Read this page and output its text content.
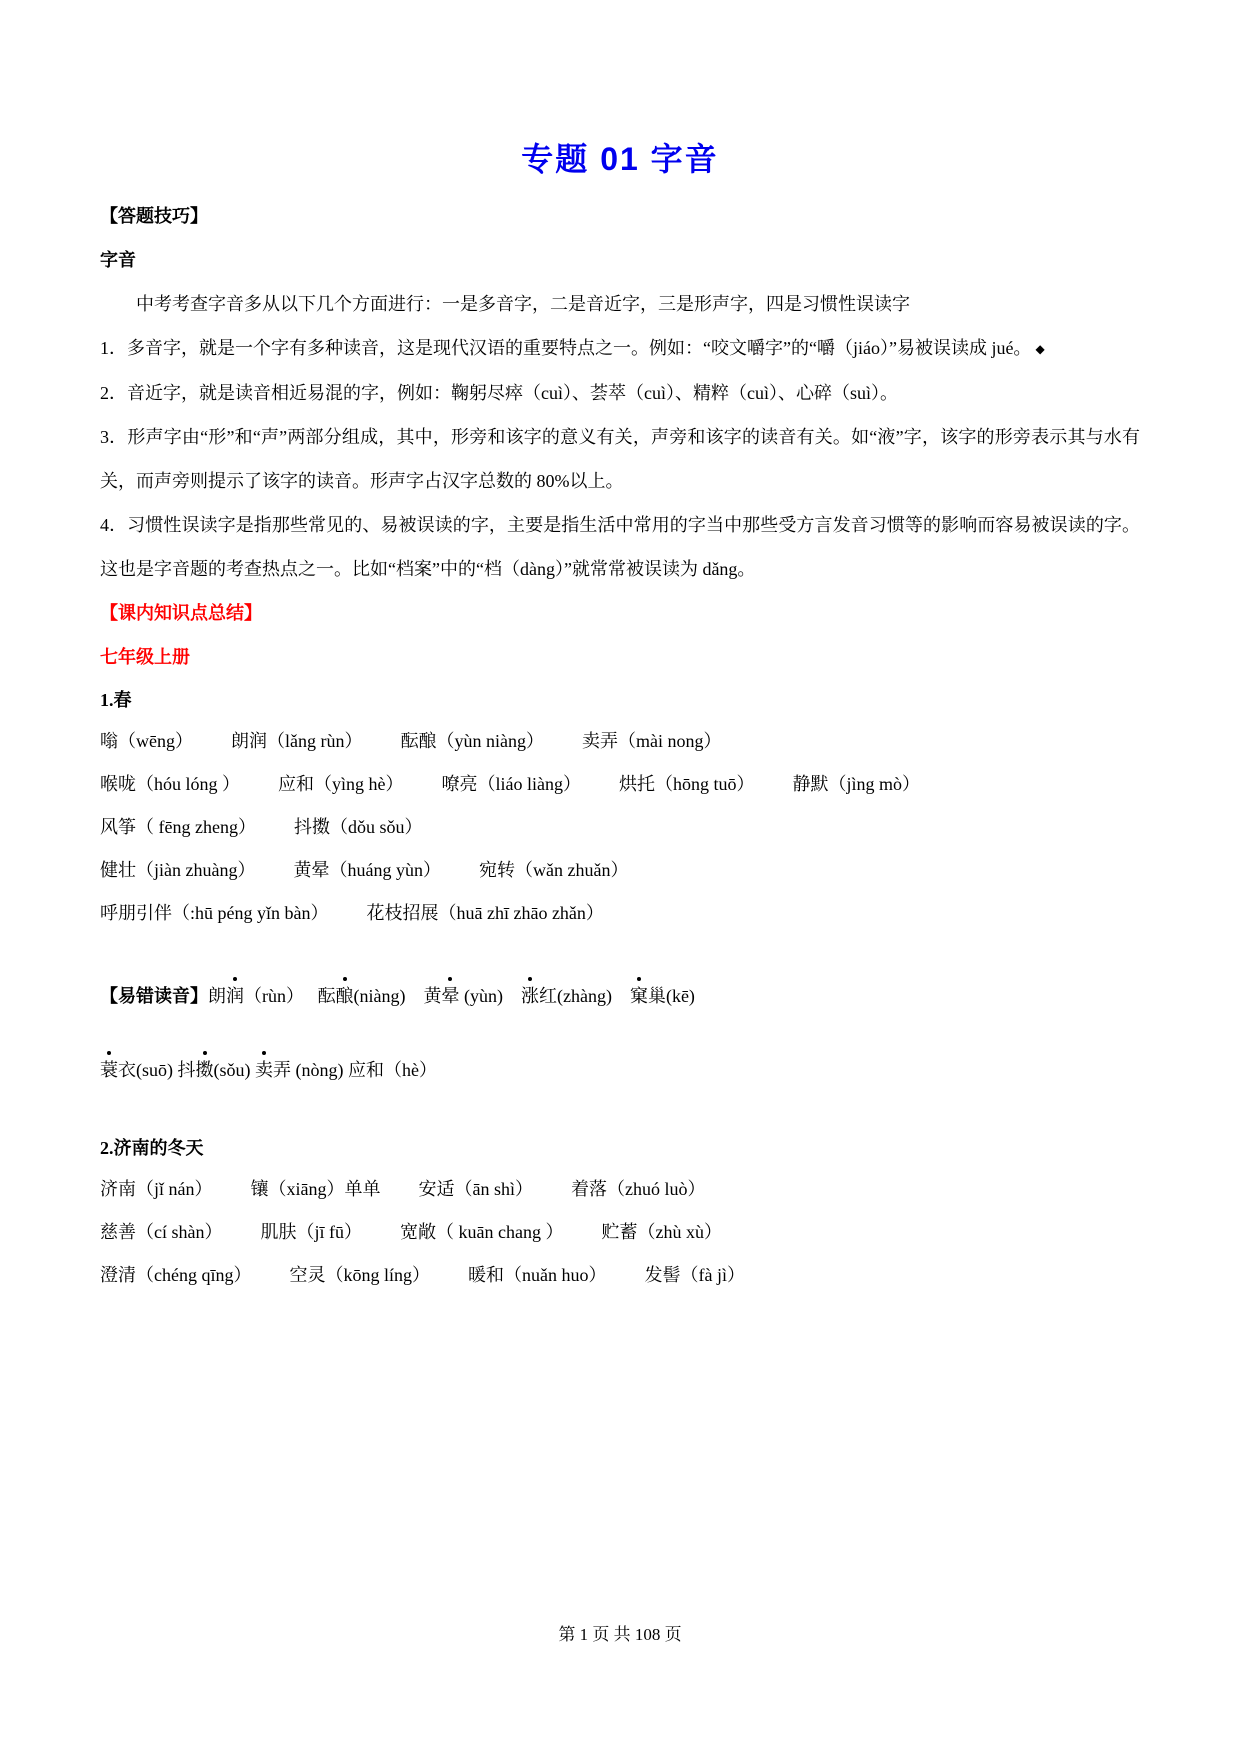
专题 01 字音

【答题技巧】

字音

中考考查字音多从以下几个方面进行：一是多音字，二是音近字，三是形声字，四是习惯性误读字

1．多音字，就是一个字有多种读音，这是现代汉语的重要特点之一。例如：“咬文嚼字”的“嚼（jiáo）”易被误读成 jué。 ◆

2．音近字，就是读音相近易混的字，例如：鞠躬尽瘁（cuì）、荟萃（cuì）、精粹（cuì）、心碎（suì）。

3．形声字由“形”和“声”两部分组成，其中，形旁和该字的意义有关，声旁和该字的读音有关。如“液”字，该字的形旁表示其与水有关，而声旁则提示了该字的读音。形声字占汉字总数的 80%以上。

4．习惯性误读字是指那些常见的、易被误读的字，主要是指生活中常用的字当中那些受方言发音习惯等的影响而容易被误读的字。这也是字音题的考查热点之一。比如“档案”中的“档（dàng）”就常常被误读为 dǎng。

【课内知识点总结】

七年级上册

1.春

嗡（wēng） 朗润（lǎng rùn） 酝酿（yùn niàng） 卖弄（mài nong）
喉咙（hóu lóng ） 应和（yìng hè） 嘹亮（liáo liàng） 烘托（hōng tuō） 静默（jìng mò）
风筝（ fēng zheng） 抖擞（dǒu sǒu）
健壮（jiàn zhuàng） 黄晕（huáng yùn） 宛转（wǎn zhuǎn）
呼朋引伴（:hū péng yǐn bàn） 花枝招展（huā zhī zhāo zhǎn）

【易错读音】朗润（rùn）　 酝酿(niàng)　黄晕 (yùn)　涨红(zhàng)　窠巢(kē)

蓑衣(suō) 抖擞(sǒu) 卖弄 (nòng) 应和（hè）

2.济南的冬天

济南（jǐ nán） 镶（xiāng）单单 安适（ān shì） 着落（zhuó luò）
慈善（cí shàn） 肌肤（jī fū） 宽敞（ kuān chang ） 贮蓄（zhù xù）
澄清（chéng qīng） 空灵（kōng líng） 暖和（nuǎn huo） 发髻（fà jì）
第 1 页 共 108 页
